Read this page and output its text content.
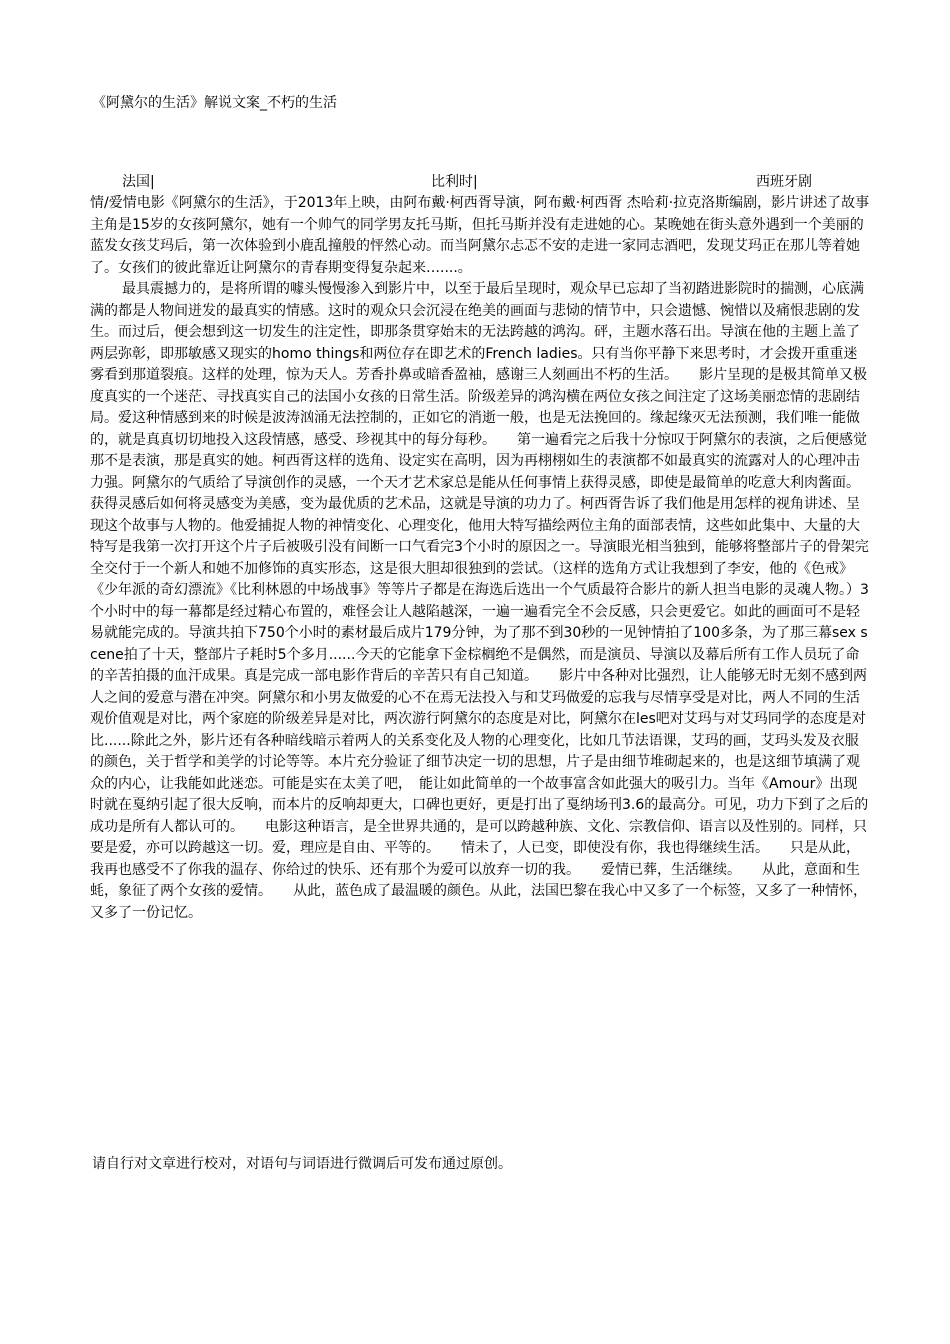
《阿黛尔的生活》解说文案_不朽的生活
法国|	比利时|	西班牙剧

情/爱情电影《阿黛尔的生活》，于2013年上映，由阿布戴·柯西胥导演，阿布戴·柯西胥 杰哈莉·拉克洛斯编剧，影片讲述了故事主角是15岁的女孩阿黛尔，她有一个帅气的同学男友托马斯，但托马斯并没有走进她的心。某晚她在街头意外遇到一个美丽的蓝发女孩艾玛后，第一次体验到小鹿乱撞般的怦然心动。而当阿黛尔忐忑不安的走进一家同志酒吧，发现艾玛正在那儿等着她了。女孩们的彼此靠近让阿黛尔的青春期变得复杂起来…....。

最具震撼力的，是将所谓的噱头慢慢渗入到影片中，以至于最后呈现时，观众早已忘却了当初踏进影院时的揣测，心底满满的都是人物间迸发的最真实的情感。这时的观众只会沉浸在绝美的画面与悲恸的情节中，只会遗憾、惋惜以及痛恨悲剧的发生。而过后，便会想到这一切发生的注定性，即那条贯穿始末的无法跨越的鸿沟。砰，主题水落石出。导演在他的主题上盖了两层弥彰，即那敏感又现实的homo things和两位存在即艺术的French ladies。只有当你平静下来思考时，才会拨开重重迷雾看到那道裂痕。这样的处理，惊为天人。芳香扑鼻或暗香盈袖，感谢三人刻画出不朽的生活。　　影片呈现的是极其简单又极度真实的一个迷茫、寻找真实自己的法国小女孩的日常生活。阶级差异的鸿沟横在两位女孩之间注定了这场美丽恋情的悲剧结局。爱这种情感到来的时候是波涛汹涌无法控制的，正如它的消逝一般，也是无法挽回的。缘起缘灭无法预测，我们唯一能做的，就是真真切切地投入这段情感，感受、珍视其中的每分每秒。　　第一遍看完之后我十分惊叹于阿黛尔的表演，之后便感觉那不是表演，那是真实的她。柯西胥这样的选角、设定实在高明，因为再栩栩如生的表演都不如最真实的流露对人的心理冲击力强。阿黛尔的气质给了导演创作的灵感，一个天才艺术家总是能从任何事情上获得灵感，即使是最简单的吃意大利肉酱面。获得灵感后如何将灵感变为美感，变为最优质的艺术品，这就是导演的功力了。柯西胥告诉了我们他是用怎样的视角讲述、呈现这个故事与人物的。他爱捕捉人物的神情变化、心理变化，他用大特写描绘两位主角的面部表情，这些如此集中、大量的大特写是我第一次打开这个片子后被吸引没有间断一口气看完3个小时的原因之一。导演眼光相当独到，能够将整部片子的骨架完全交付于一个新人和她不加修饰的真实形态，这是很大胆却很独到的尝试。（这样的选角方式让我想到了李安，他的《色戒》《少年派的奇幻漂流》《比利林恩的中场战事》等等片子都是在海选后选出一个气质最符合影片的新人担当电影的灵魂人物。）3个小时中的每一幕都是经过精心布置的，难怪会让人越陷越深，一遍一遍看完全不会反感，只会更爱它。如此的画面可不是轻易就能完成的。导演共拍下750个小时的素材最后成片179分钟，为了那不到30秒的一见钟情拍了100多条，为了那三幕sex scene拍了十天，整部片子耗时5个多月......今天的它能拿下金棕榈绝不是偶然，而是演员、导演以及幕后所有工作人员玩了命的辛苦拍摄的血汗成果。真是完成一部电影作背后的辛苦只有自己知道。　　影片中各种对比强烈，让人能够无时无刻不感到两人之间的爱意与潜在冲突。阿黛尔和小男友做爱的心不在焉无法投入与和艾玛做爱的忘我与尽情享受是对比，两人不同的生活观价值观是对比，两个家庭的阶级差异是对比，两次游行阿黛尔的态度是对比，阿黛尔在les吧对艾玛与对艾玛同学的态度是对比......除此之外，影片还有各种暗线暗示着两人的关系变化及人物的心理变化，比如几节法语课，艾玛的画，艾玛头发及衣服的颜色，关于哲学和美学的讨论等等。本片充分验证了细节决定一切的思想，片子是由细节堆砌起来的，也是这细节填满了观众的内心，让我能如此迷恋。可能是实在太美了吧，　能让如此简单的一个故事富含如此强大的吸引力。当年《Amour》出现时就在戛纳引起了很大反响，而本片的反响却更大，口碑也更好，更是打出了戛纳场刊3.6的最高分。可见，功力下到了之后的成功是所有人都认可的。　　电影这种语言，是全世界共通的，是可以跨越种族、文化、宗教信仰、语言以及性别的。同样，只要是爱，亦可以跨越这一切。爱，理应是自由、平等的。　　情未了，人已变，即使没有你，我也得继续生活。　　只是从此，我再也感受不了你我的温存、你给过的快乐、还有那个为爱可以放弃一切的我。　　爱情已葬，生活继续。　　从此，意面和生蚝，象征了两个女孩的爱情。　　从此，蓝色成了最温暖的颜色。从此，法国巴黎在我心中又多了一个标签，又多了一种情怀，又多了一份记忆。

请自行对文章进行校对，对语句与词语进行微调后可发布通过原创。
